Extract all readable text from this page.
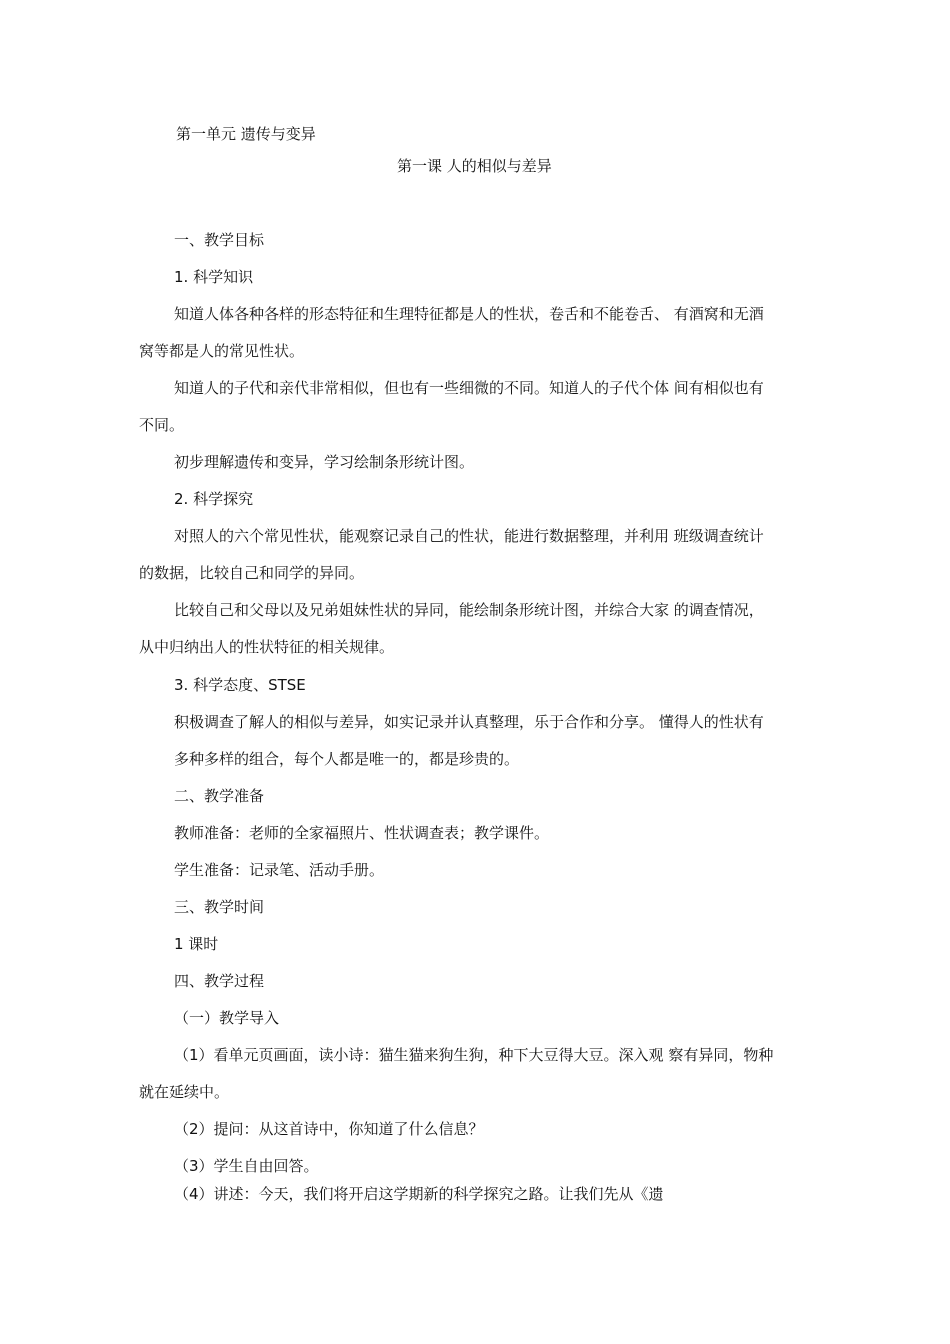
第一单元 遗传与变异
第一课 人的相似与差异
一、教学目标
1. 科学知识
知道人体各种各样的形态特征和生理特征都是人的性状，卷舌和不能卷舌、 有酒窝和无酒
窝等都是人的常见性状。
知道人的子代和亲代非常相似，但也有一些细微的不同。知道人的子代个体 间有相似也有
不同。
初步理解遗传和变异，学习绘制条形统计图。
2. 科学探究
对照人的六个常见性状，能观察记录自己的性状，能进行数据整理，并利用 班级调查统计
的数据，比较自己和同学的异同。
比较自己和父母以及兄弟姐妹性状的异同，能绘制条形统计图，并综合大家 的调查情况，
从中归纳出人的性状特征的相关规律。
3. 科学态度、STSE
积极调查了解人的相似与差异，如实记录并认真整理，乐于合作和分享。 懂得人的性状有
多种多样的组合，每个人都是唯一的，都是珍贵的。
二、教学准备
教师准备：老师的全家福照片、性状调查表；教学课件。
学生准备：记录笔、活动手册。
三、教学时间
1 课时
四、教学过程
（一）教学导入
（1）看单元页画面，读小诗：猫生猫来狗生狗，种下大豆得大豆。深入观 察有异同，物种
就在延续中。
（2）提问：从这首诗中，你知道了什么信息？
（3）学生自由回答。
（4）讲述：今天，我们将开启这学期新的科学探究之路。让我们先从《遗
